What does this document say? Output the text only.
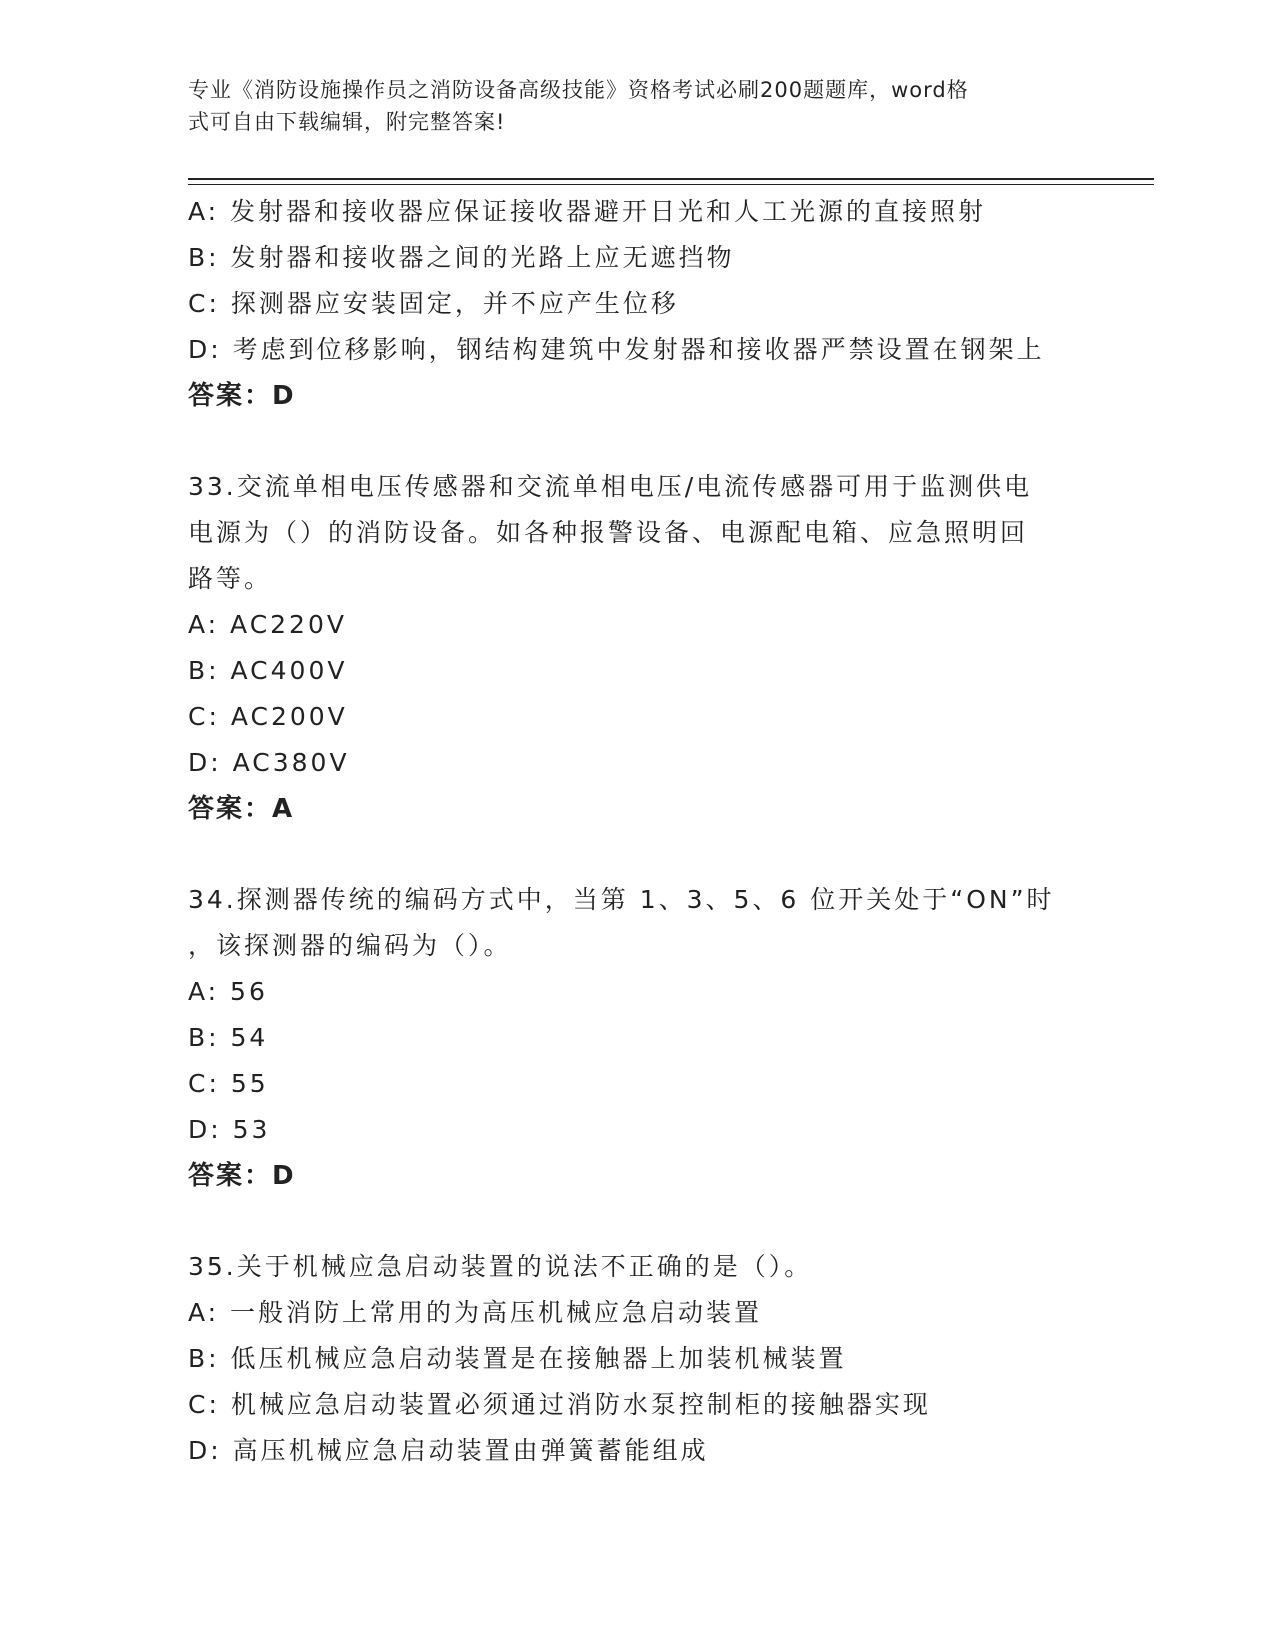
专业《消防设施操作员之消防设备高级技能》资格考试必刷200题题库，word格
式可自由下载编辑，附完整答案!

A: 发射器和接收器应保证接收器避开日光和人工光源的直接照射

B: 发射器和接收器之间的光路上应无遮挡物

C: 探测器应安装固定，并不应产生位移

D: 考虑到位移影响，钢结构建筑中发射器和接收器严禁设置在钢架上

答案：D

33.交流单相电压传感器和交流单相电压/电流传感器可用于监测供电

电源为（）的消防设备。如各种报警设备、电源配电箱、应急照明回

路等。

A: AC220V

B: AC400V

C: AC200V

D: AC380V

答案：A

34.探测器传统的编码方式中，当第 1、3、5、6 位开关处于“ON”时

，该探测器的编码为（）。

A: 56

B: 54

C: 55

D: 53

答案：D

35.关于机械应急启动装置的说法不正确的是（）。

A: 一般消防上常用的为高压机械应急启动装置

B: 低压机械应急启动装置是在接触器上加装机械装置

C: 机械应急启动装置必须通过消防水泵控制柜的接触器实现

D: 高压机械应急启动装置由弹簧蓄能组成
